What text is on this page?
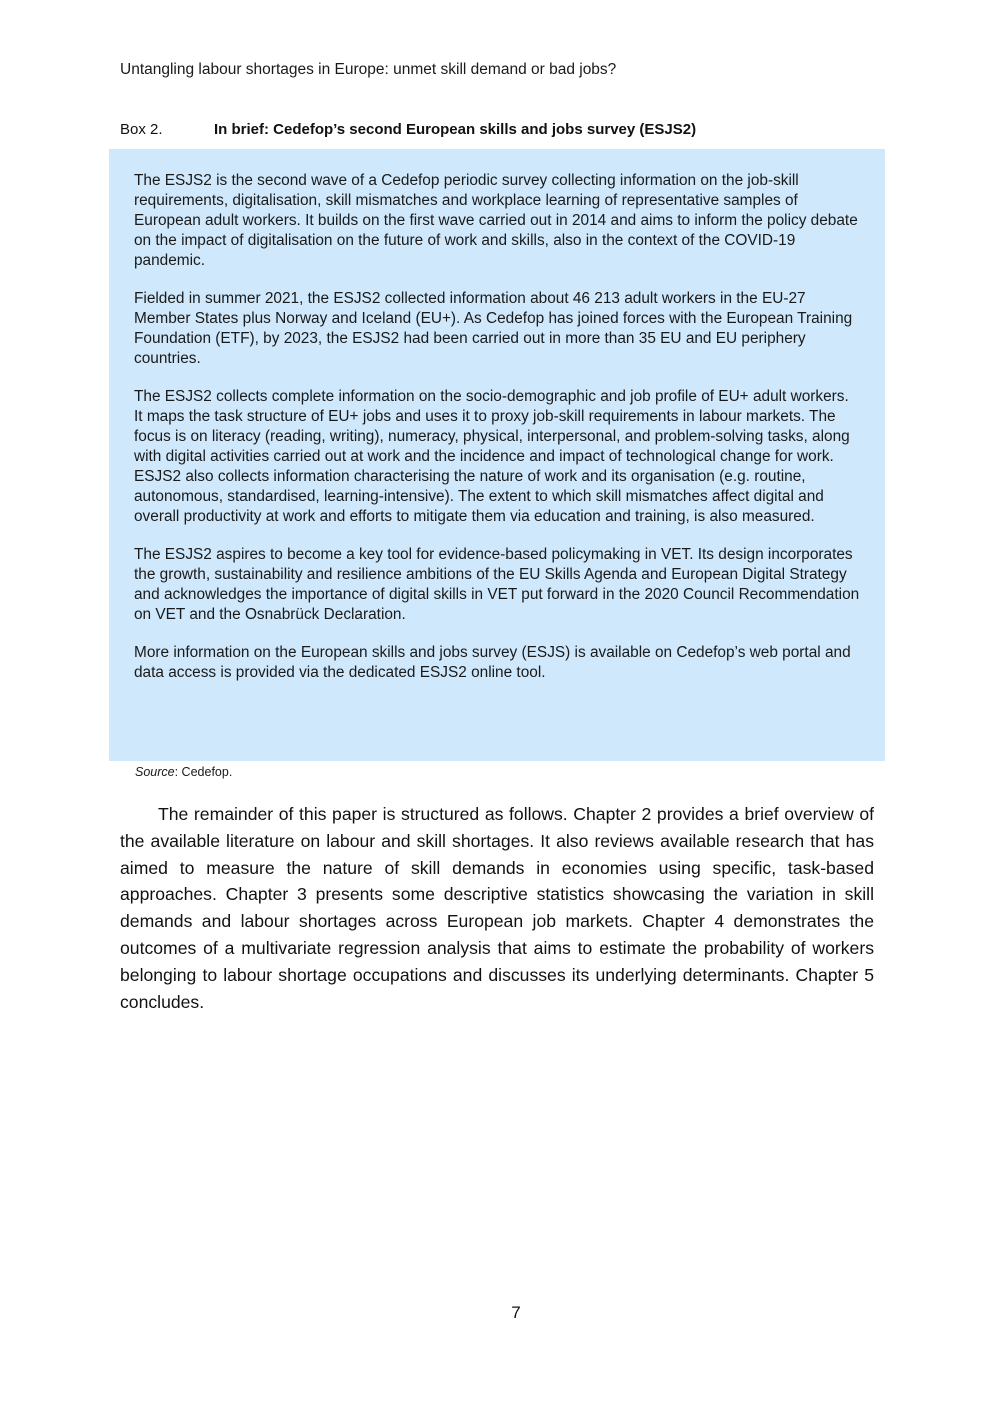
Untangling labour shortages in Europe: unmet skill demand or bad jobs?
Box 2.	In brief: Cedefop’s second European skills and jobs survey (ESJS2)

The ESJS2 is the second wave of a Cedefop periodic survey collecting information on the job-skill requirements, digitalisation, skill mismatches and workplace learning of representative samples of European adult workers. It builds on the first wave carried out in 2014 and aims to inform the policy debate on the impact of digitalisation on the future of work and skills, also in the context of the COVID-19 pandemic.

Fielded in summer 2021, the ESJS2 collected information about 46 213 adult workers in the EU-27 Member States plus Norway and Iceland (EU+). As Cedefop has joined forces with the European Training Foundation (ETF), by 2023, the ESJS2 had been carried out in more than 35 EU and EU periphery countries.

The ESJS2 collects complete information on the socio-demographic and job profile of EU+ adult workers. It maps the task structure of EU+ jobs and uses it to proxy job-skill requirements in labour markets. The focus is on literacy (reading, writing), numeracy, physical, interpersonal, and problem-solving tasks, along with digital activities carried out at work and the incidence and impact of technological change for work. ESJS2 also collects information characterising the nature of work and its organisation (e.g. routine, autonomous, standardised, learning-intensive). The extent to which skill mismatches affect digital and overall productivity at work and efforts to mitigate them via education and training, is also measured.

The ESJS2 aspires to become a key tool for evidence-based policymaking in VET. Its design incorporates the growth, sustainability and resilience ambitions of the EU Skills Agenda and European Digital Strategy and acknowledges the importance of digital skills in VET put forward in the 2020 Council Recommendation on VET and the Osnabrück Declaration.

More information on the European skills and jobs survey (ESJS) is available on Cedefop’s web portal and data access is provided via the dedicated ESJS2 online tool.

Source: Cedefop.

The remainder of this paper is structured as follows. Chapter 2 provides a brief overview of the available literature on labour and skill shortages. It also reviews available research that has aimed to measure the nature of skill demands in economies using specific, task-based approaches. Chapter 3 presents some descriptive statistics showcasing the variation in skill demands and labour shortages across European job markets. Chapter 4 demonstrates the outcomes of a multivariate regression analysis that aims to estimate the probability of workers belonging to labour shortage occupations and discusses its underlying determinants. Chapter 5 concludes.

7
